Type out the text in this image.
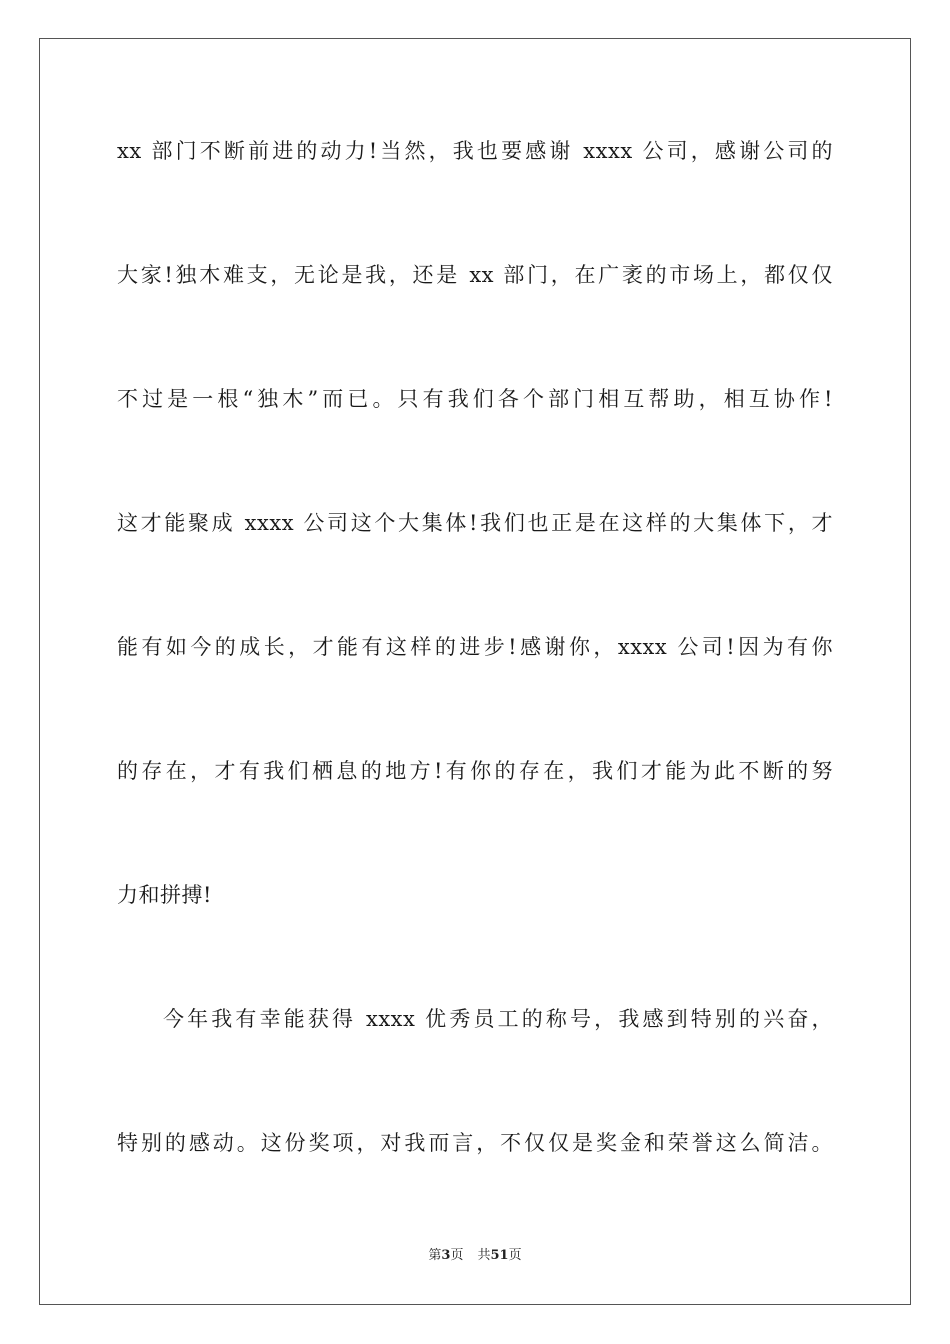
xx 部门不断前进的动力!当然，我也要感谢 xxxx 公司，感谢公司的
大家!独木难支，无论是我，还是 xx 部门，在广袤的市场上，都仅仅
不过是一根“独木”而已。只有我们各个部门相互帮助，相互协作!
这才能聚成 xxxx 公司这个大集体!我们也正是在这样的大集体下，才
能有如今的成长，才能有这样的进步!感谢你，xxxx 公司!因为有你
的存在，才有我们栖息的地方!有你的存在，我们才能为此不断的努
力和拼搏!
今年我有幸能获得 xxxx 优秀员工的称号，我感到特别的兴奋，
特别的感动。这份奖项，对我而言，不仅仅是奖金和荣誉这么简洁。
第3页 共51页
